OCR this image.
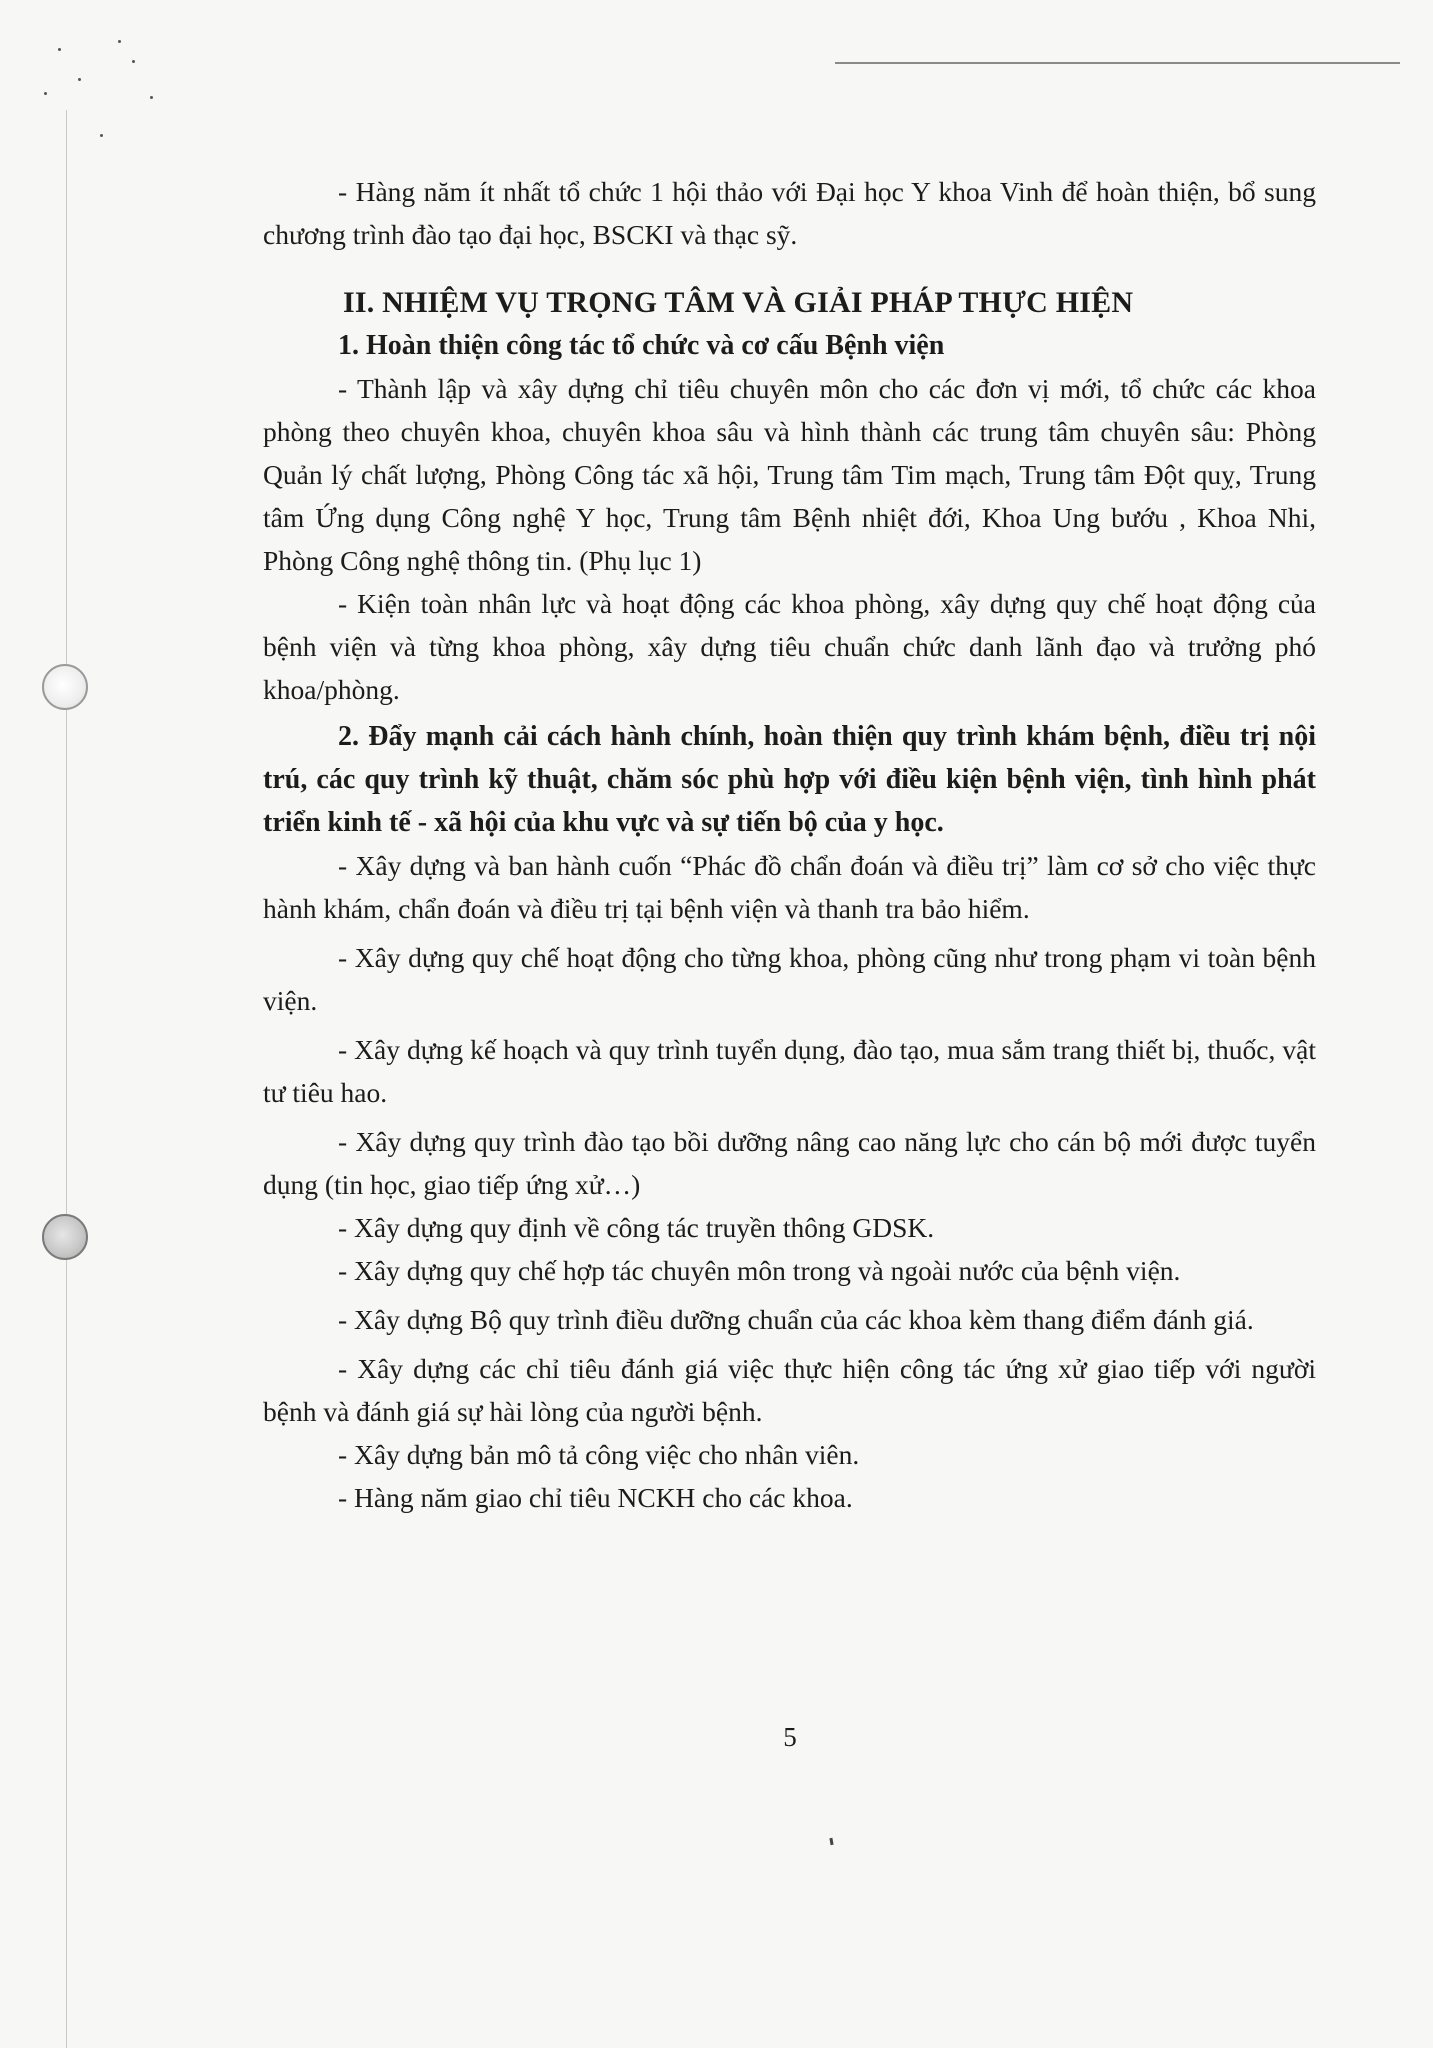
- Hàng năm ít nhất tổ chức 1 hội thảo với Đại học Y khoa Vinh để hoàn thiện, bổ sung chương trình đào tạo đại học, BSCKI và thạc sỹ.

II. NHIỆM VỤ TRỌNG TÂM VÀ GIẢI PHÁP THỰC HIỆN
1. Hoàn thiện công tác tổ chức và cơ cấu Bệnh viện

- Thành lập và xây dựng chỉ tiêu chuyên môn cho các đơn vị mới, tổ chức các khoa phòng theo chuyên khoa, chuyên khoa sâu và hình thành các trung tâm chuyên sâu: Phòng Quản lý chất lượng, Phòng Công tác xã hội, Trung tâm Tim mạch, Trung tâm Đột quỵ, Trung tâm Ứng dụng Công nghệ Y học, Trung tâm Bệnh nhiệt đới, Khoa Ung bướu , Khoa Nhi, Phòng Công nghệ thông tin. (Phụ lục 1)

- Kiện toàn nhân lực và hoạt động các khoa phòng, xây dựng quy chế hoạt động của bệnh viện và từng khoa phòng, xây dựng tiêu chuẩn chức danh lãnh đạo và trưởng phó khoa/phòng.

2. Đẩy mạnh cải cách hành chính, hoàn thiện quy trình khám bệnh, điều trị nội trú, các quy trình kỹ thuật, chăm sóc phù hợp với điều kiện bệnh viện, tình hình phát triển kinh tế - xã hội của khu vực và sự tiến bộ của y học.

- Xây dựng và ban hành cuốn “Phác đồ chẩn đoán và điều trị” làm cơ sở cho việc thực hành khám, chẩn đoán và điều trị tại bệnh viện và thanh tra bảo hiểm.

- Xây dựng quy chế hoạt động cho từng khoa, phòng cũng như trong phạm vi toàn bệnh viện.

- Xây dựng kế hoạch và quy trình tuyển dụng, đào tạo, mua sắm trang thiết bị, thuốc, vật tư tiêu hao.

- Xây dựng quy trình đào tạo bồi dưỡng nâng cao năng lực cho cán bộ mới được tuyển dụng (tin học, giao tiếp ứng xử…)

- Xây dựng quy định về công tác truyền thông GDSK.

- Xây dựng quy chế hợp tác chuyên môn trong và ngoài nước của bệnh viện.

- Xây dựng Bộ quy trình điều dưỡng chuẩn của các khoa kèm thang điểm đánh giá.

- Xây dựng các chỉ tiêu đánh giá việc thực hiện công tác ứng xử giao tiếp với người bệnh và đánh giá sự hài lòng của người bệnh.

- Xây dựng bản mô tả công việc cho nhân viên.

- Hàng năm giao chỉ tiêu NCKH cho các khoa.

5
